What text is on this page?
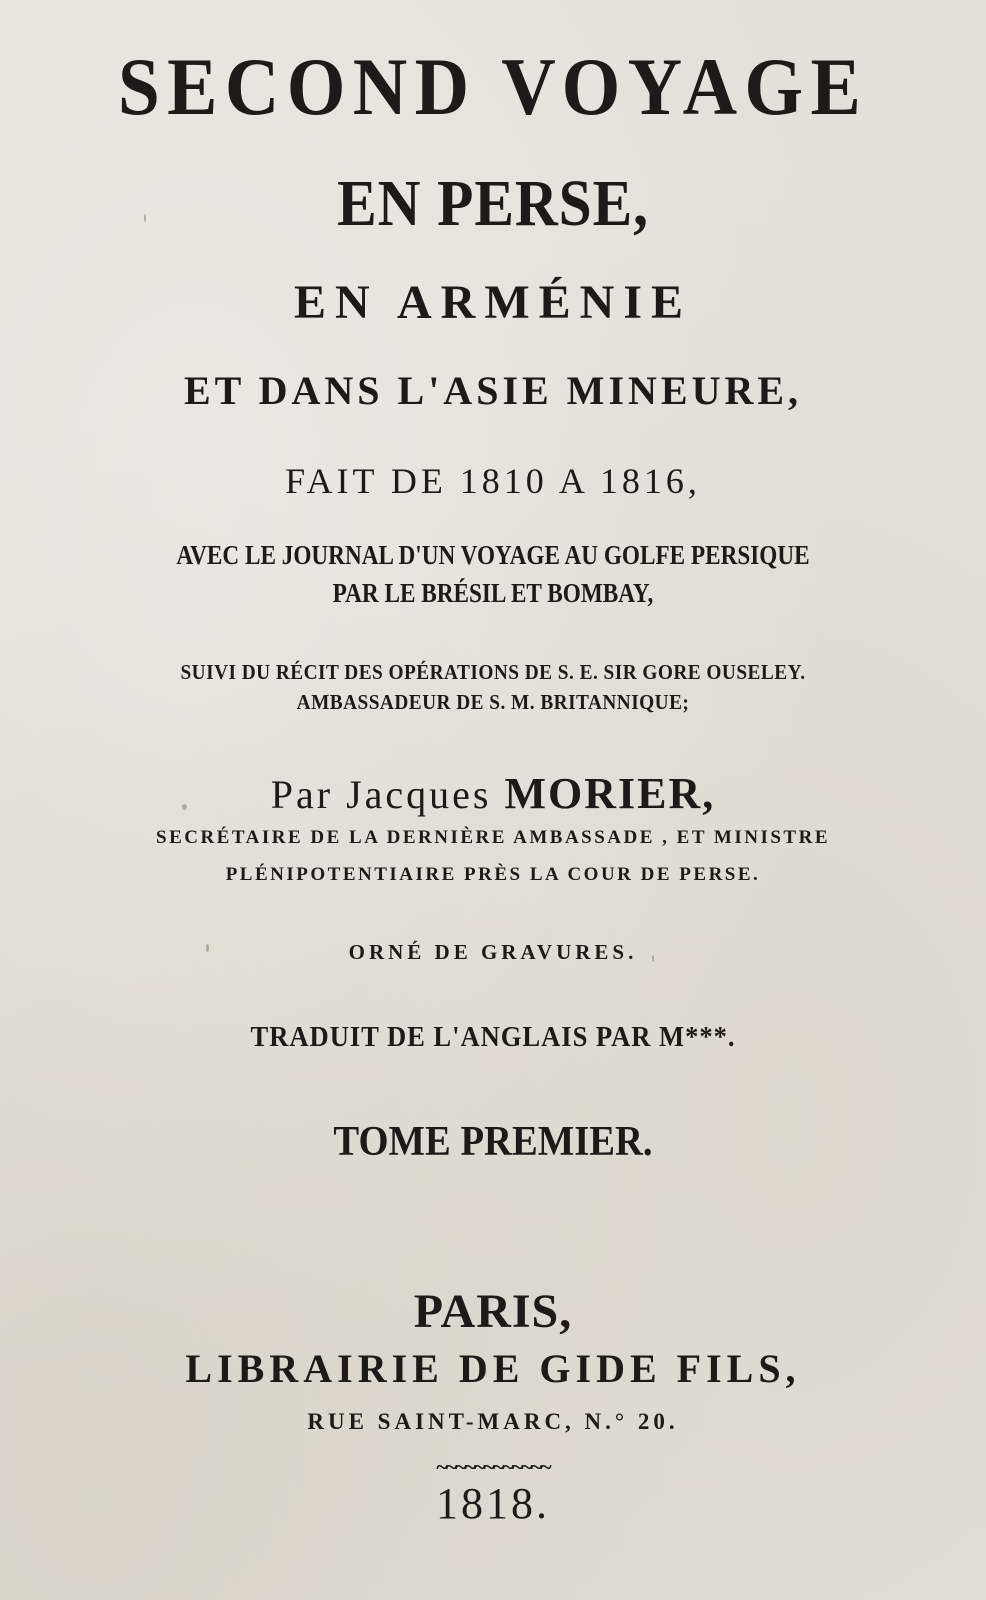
SECOND VOYAGE
EN PERSE,
EN ARMÉNIE
ET DANS L'ASIE MINEURE,
FAIT DE 1810 A 1816,
AVEC LE JOURNAL D'UN VOYAGE AU GOLFE PERSIQUE
PAR LE BRÉSIL ET BOMBAY,
SUIVI DU RÉCIT DES OPÉRATIONS DE S. E. SIR GORE OUSELEY.
AMBASSADEUR DE S. M. BRITANNIQUE;
Par Jacques MORIER,
SECRÉTAIRE DE LA DERNIÈRE AMBASSADE , ET MINISTRE
PLÉNIPOTENTIAIRE PRÈS LA COUR DE PERSE.
ORNÉ DE GRAVURES.
TRADUIT DE L'ANGLAIS PAR M***.
TOME PREMIER.
PARIS,
LIBRAIRIE DE GIDE FILS,
RUE SAINT-MARC, N.° 20.
~~~~~~~~~~~~
1818.
